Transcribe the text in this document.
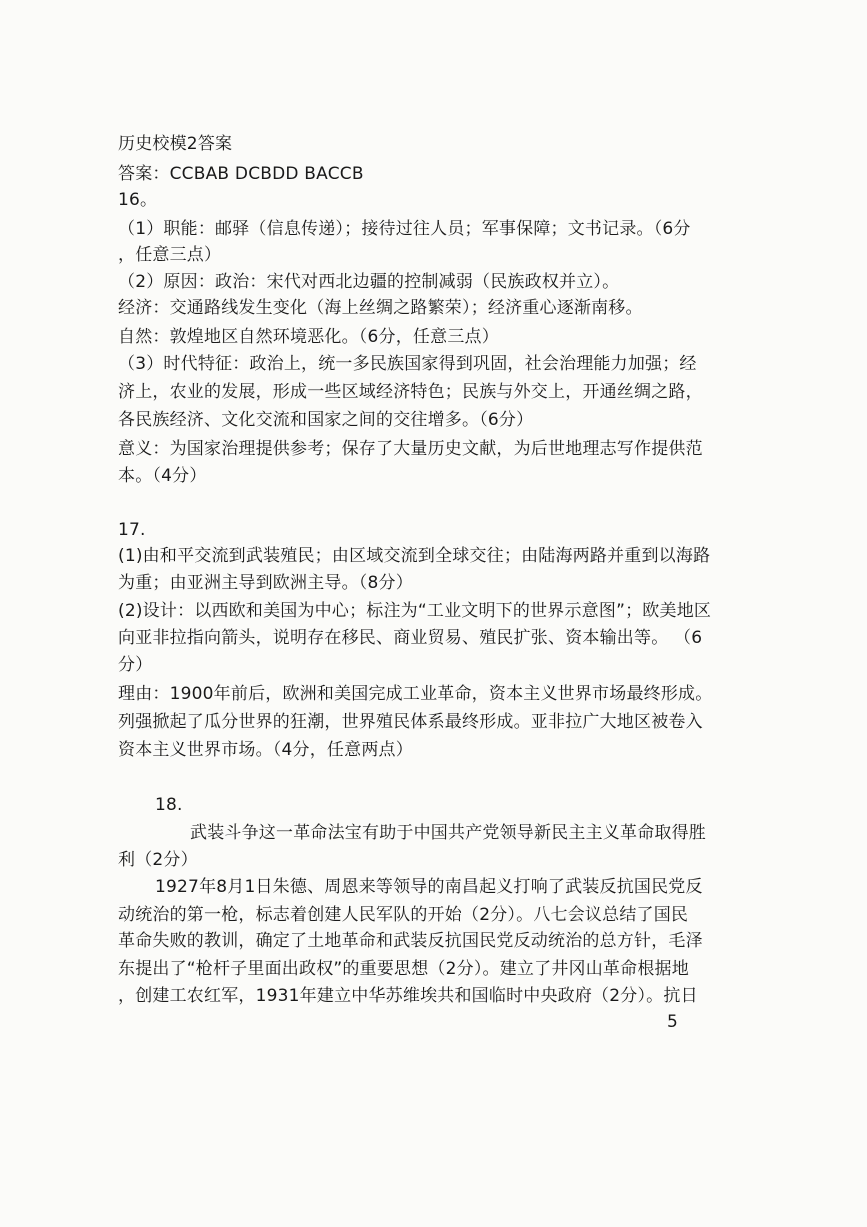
历史校模2答案
答案：CCBAB DCBDD BACCB
16。
（1）职能：邮驿（信息传递）；接待过往人员；军事保障；文书记录。（6分
，任意三点）
（2）原因：政治：宋代对西北边疆的控制减弱（民族政权并立）。
经济：交通路线发生变化（海上丝绸之路繁荣）；经济重心逐渐南移。
自然：敦煌地区自然环境恶化。（6分，任意三点）
（3）时代特征：政治上，统一多民族国家得到巩固，社会治理能力加强；经
济上，农业的发展，形成一些区域经济特色；民族与外交上，开通丝绸之路，
各民族经济、文化交流和国家之间的交往增多。（6分）
意义：为国家治理提供参考；保存了大量历史文献，为后世地理志写作提供范
本。（4分）
17.
(1)由和平交流到武装殖民；由区域交流到全球交往；由陆海两路并重到以海路
为重；由亚洲主导到欧洲主导。（8分）
(2)设计：以西欧和美国为中心；标注为“工业文明下的世界示意图”；欧美地区
向亚非拉指向箭头，说明存在移民、商业贸易、殖民扩张、资本输出等。 （6
分）
理由：1900年前后，欧洲和美国完成工业革命，资本主义世界市场最终形成。
列强掀起了瓜分世界的狂潮，世界殖民体系最终形成。亚非拉广大地区被卷入
资本主义世界市场。（4分，任意两点）
18.
武装斗争这一革命法宝有助于中国共产党领导新民主主义革命取得胜
利（2分）
1927年8月1日朱德、周恩来等领导的南昌起义打响了武装反抗国民党反
动统治的第一枪，标志着创建人民军队的开始（2分）。八七会议总结了国民
革命失败的教训，确定了土地革命和武装反抗国民党反动统治的总方针，毛泽
东提出了“枪杆子里面出政权”的重要思想（2分）。建立了井冈山革命根据地
，创建工农红军，1931年建立中华苏维埃共和国临时中央政府（2分）。抗日
5
